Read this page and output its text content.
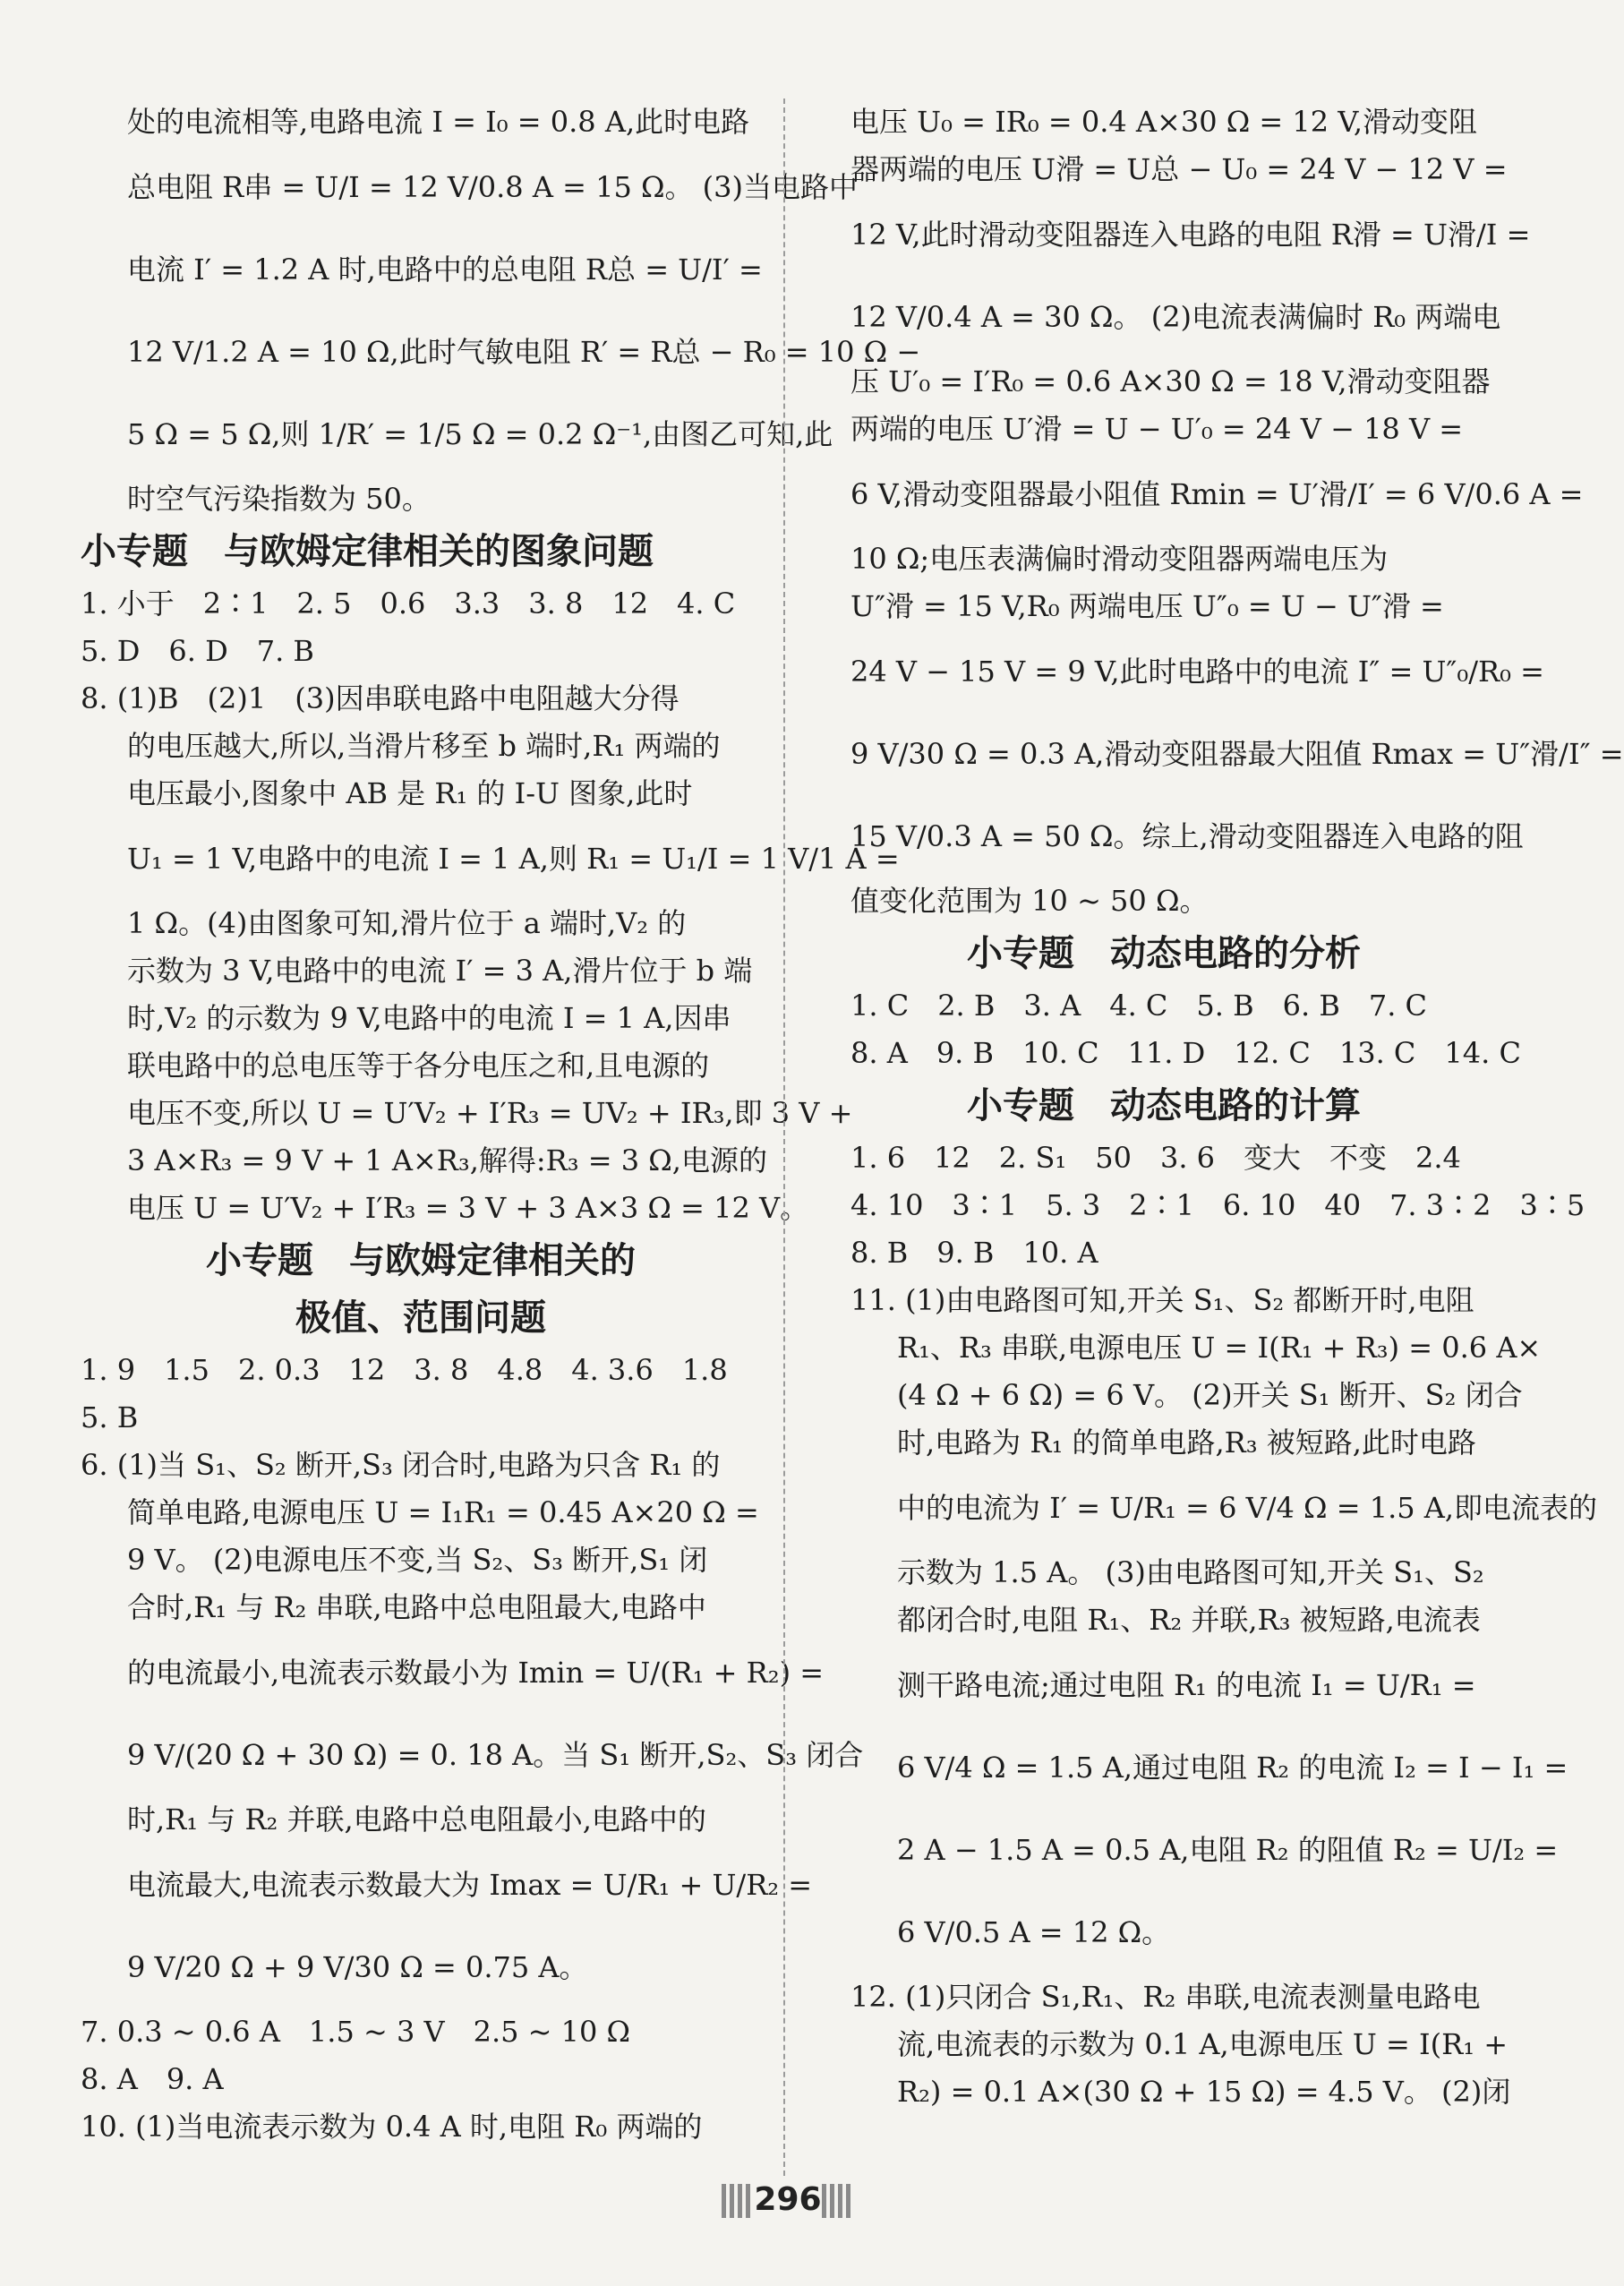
处的电流相等,电路电流 I = I₀ = 0.8 A,此时电路
总电阻 R串 = U/I = 12 V/0.8 A = 15 Ω。 (3)当电路中
电流 I′ = 1.2 A 时,电路中的总电阻 R总 = U/I′ =
12 V/1.2 A = 10 Ω,此时气敏电阻 R′ = R总 − R₀ = 10 Ω −
5 Ω = 5 Ω,则 1/R′ = 1/5 Ω = 0.2 Ω⁻¹,由图乙可知,此
时空气污染指数为 50。
小专题　与欧姆定律相关的图象问题
1. 小于　2∶1　2. 5　0.6　3.3　3. 8　12　4. C
5. D　6. D　7. B
8. (1)B　(2)1　(3)因串联电路中电阻越大分得
的电压越大,所以,当滑片移至 b 端时,R₁ 两端的
电压最小,图象中 AB 是 R₁ 的 I-U 图象,此时
U₁ = 1 V,电路中的电流 I = 1 A,则 R₁ = U₁/I = 1 V/1 A =
1 Ω。(4)由图象可知,滑片位于 a 端时,V₂ 的
示数为 3 V,电路中的电流 I′ = 3 A,滑片位于 b 端
时,V₂ 的示数为 9 V,电路中的电流 I = 1 A,因串
联电路中的总电压等于各分电压之和,且电源的
电压不变,所以 U = U′V₂ + I′R₃ = UV₂ + IR₃,即 3 V +
3 A×R₃ = 9 V + 1 A×R₃,解得:R₃ = 3 Ω,电源的
电压 U = U′V₂ + I′R₃ = 3 V + 3 A×3 Ω = 12 V。
小专题　与欧姆定律相关的
极值、范围问题
1. 9　1.5　2. 0.3　12　3. 8　4.8　4. 3.6　1.8
5. B
6. (1)当 S₁、S₂ 断开,S₃ 闭合时,电路为只含 R₁ 的
简单电路,电源电压 U = I₁R₁ = 0.45 A×20 Ω =
9 V。 (2)电源电压不变,当 S₂、S₃ 断开,S₁ 闭
合时,R₁ 与 R₂ 串联,电路中总电阻最大,电路中
的电流最小,电流表示数最小为 Imin = U/(R₁ + R₂) =
9 V/(20 Ω + 30 Ω) = 0. 18 A。当 S₁ 断开,S₂、S₃ 闭合
时,R₁ 与 R₂ 并联,电路中总电阻最小,电路中的
电流最大,电流表示数最大为 Imax = U/R₁ + U/R₂ =
9 V/20 Ω + 9 V/30 Ω = 0.75 A。
7. 0.3 ~ 0.6 A　1.5 ~ 3 V　2.5 ~ 10 Ω
8. A　9. A
10. (1)当电流表示数为 0.4 A 时,电阻 R₀ 两端的
电压 U₀ = IR₀ = 0.4 A×30 Ω = 12 V,滑动变阻
器两端的电压 U滑 = U总 − U₀ = 24 V − 12 V =
12 V,此时滑动变阻器连入电路的电阻 R滑 = U滑/I =
12 V/0.4 A = 30 Ω。 (2)电流表满偏时 R₀ 两端电
压 U′₀ = I′R₀ = 0.6 A×30 Ω = 18 V,滑动变阻器
两端的电压 U′滑 = U − U′₀ = 24 V − 18 V =
6 V,滑动变阻器最小阻值 Rmin = U′滑/I′ = 6 V/0.6 A =
10 Ω;电压表满偏时滑动变阻器两端电压为
U″滑 = 15 V,R₀ 两端电压 U″₀ = U − U″滑 =
24 V − 15 V = 9 V,此时电路中的电流 I″ = U″₀/R₀ =
9 V/30 Ω = 0.3 A,滑动变阻器最大阻值 Rmax = U″滑/I″ =
15 V/0.3 A = 50 Ω。综上,滑动变阻器连入电路的阻
值变化范围为 10 ~ 50 Ω。
小专题　动态电路的分析
1. C　2. B　3. A　4. C　5. B　6. B　7. C
8. A　9. B　10. C　11. D　12. C　13. C　14. C
小专题　动态电路的计算
1. 6　12　2. S₁　50　3. 6　变大　不变　2.4
4. 10　3∶1　5. 3　2∶1　6. 10　40　7. 3∶2　3∶5
8. B　9. B　10. A
11. (1)由电路图可知,开关 S₁、S₂ 都断开时,电阻
R₁、R₃ 串联,电源电压 U = I(R₁ + R₃) = 0.6 A×
(4 Ω + 6 Ω) = 6 V。 (2)开关 S₁ 断开、S₂ 闭合
时,电路为 R₁ 的简单电路,R₃ 被短路,此时电路
中的电流为 I′ = U/R₁ = 6 V/4 Ω = 1.5 A,即电流表的
示数为 1.5 A。 (3)由电路图可知,开关 S₁、S₂
都闭合时,电阻 R₁、R₂ 并联,R₃ 被短路,电流表
测干路电流;通过电阻 R₁ 的电流 I₁ = U/R₁ =
6 V/4 Ω = 1.5 A,通过电阻 R₂ 的电流 I₂ = I − I₁ =
2 A − 1.5 A = 0.5 A,电阻 R₂ 的阻值 R₂ = U/I₂ =
6 V/0.5 A = 12 Ω。
12. (1)只闭合 S₁,R₁、R₂ 串联,电流表测量电路电
流,电流表的示数为 0.1 A,电源电压 U = I(R₁ +
R₂) = 0.1 A×(30 Ω + 15 Ω) = 4.5 V。 (2)闭
296
